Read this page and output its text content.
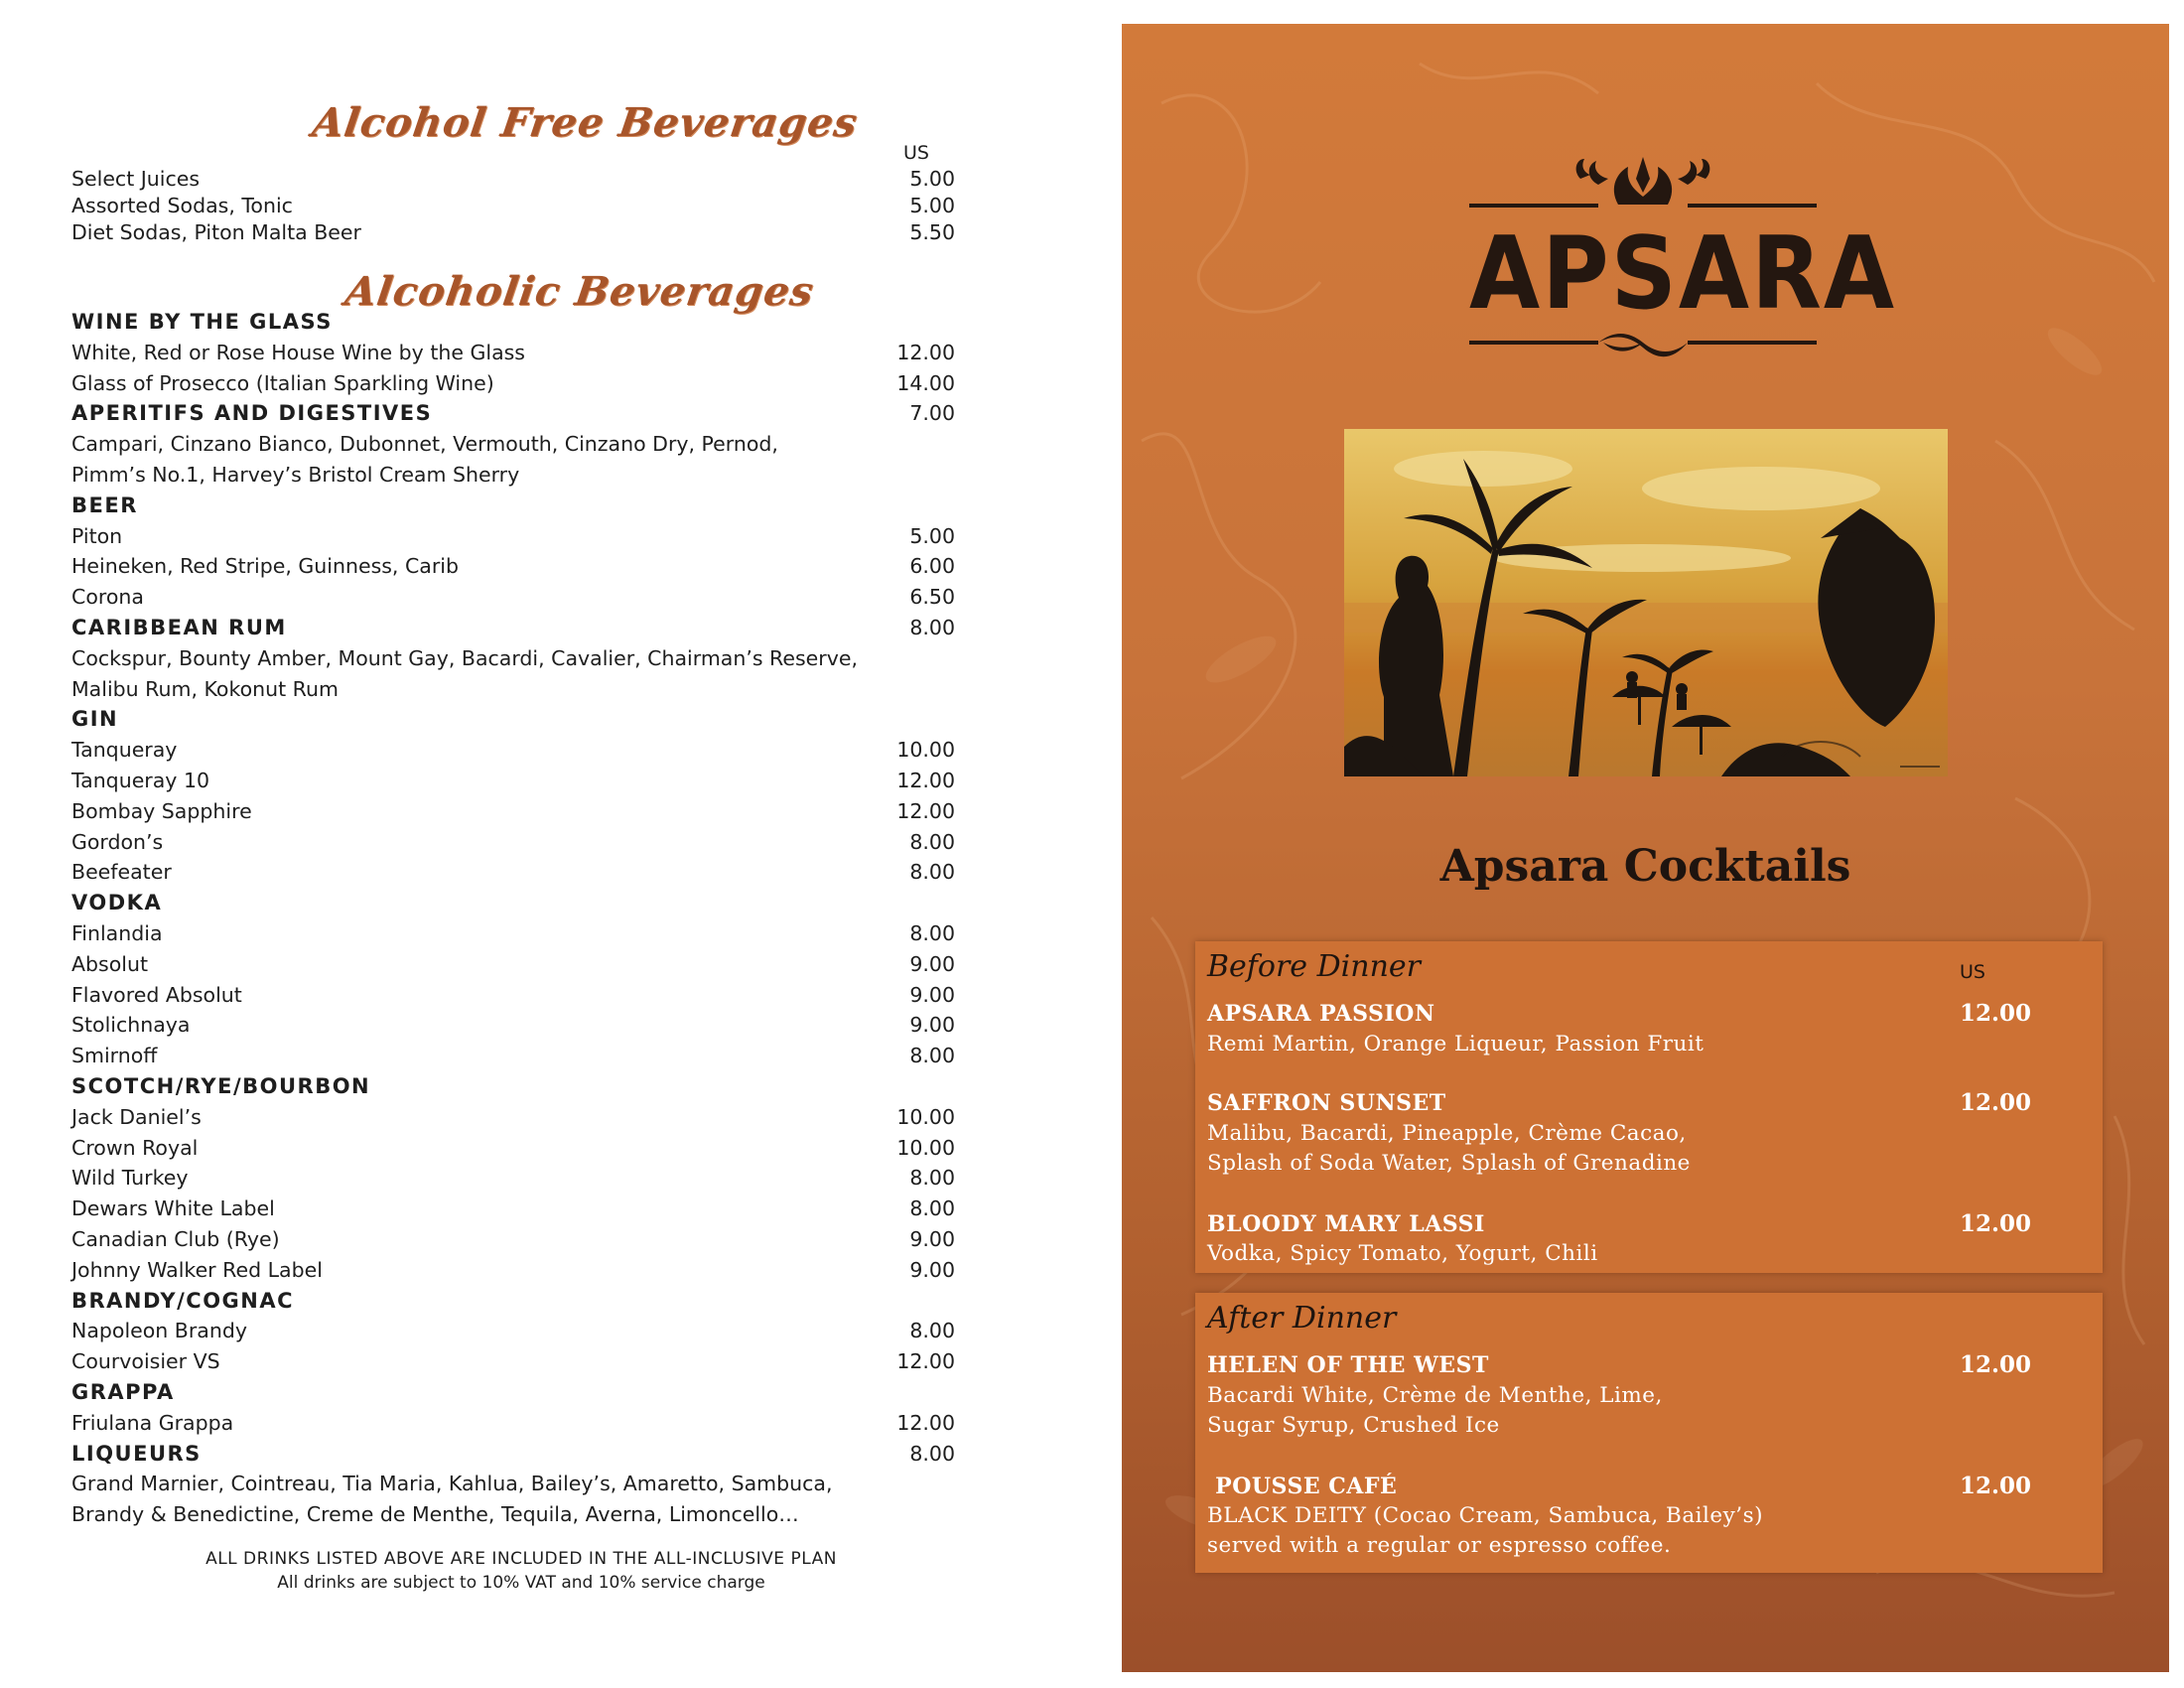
Alcohol Free Beverages
US
Select Juices	5.00
Assorted Sodas, Tonic	5.00
Diet Sodas, Piton Malta Beer	5.50
Alcoholic Beverages
WINE BY THE GLASS
White, Red or Rose House Wine by the Glass	12.00
Glass of Prosecco (Italian Sparkling Wine)	14.00
APERITIFS AND DIGESTIVES	7.00
Campari, Cinzano Bianco, Dubonnet, Vermouth, Cinzano Dry, Pernod,
Pimm’s No.1, Harvey’s Bristol Cream Sherry
BEER
Piton	5.00
Heineken, Red Stripe, Guinness, Carib	6.00
Corona	6.50
CARIBBEAN RUM	8.00
Cockspur, Bounty Amber, Mount Gay, Bacardi, Cavalier, Chairman’s Reserve,
Malibu Rum, Kokonut Rum
GIN
Tanqueray	10.00
Tanqueray 10	12.00
Bombay Sapphire	12.00
Gordon’s	8.00
Beefeater	8.00
VODKA
Finlandia	8.00
Absolut	9.00
Flavored Absolut	9.00
Stolichnaya	9.00
Smirnoff	8.00
SCOTCH/RYE/BOURBON
Jack Daniel’s	10.00
Crown Royal	10.00
Wild Turkey	8.00
Dewars White Label	8.00
Canadian Club (Rye)	9.00
Johnny Walker Red Label	9.00
BRANDY/COGNAC
Napoleon Brandy	8.00
Courvoisier VS	12.00
GRAPPA
Friulana Grappa	12.00
LIQUEURS	8.00
Grand Marnier, Cointreau, Tia Maria, Kahlua, Bailey’s, Amaretto, Sambuca,
Brandy & Benedictine, Creme de Menthe, Tequila, Averna, Limoncello…
ALL DRINKS LISTED ABOVE ARE INCLUDED IN THE ALL-INCLUSIVE PLAN
All drinks are subject to 10% VAT and 10% service charge
APSARA
Apsara Cocktails
Before Dinner	US
APSARA PASSION	12.00
Remi Martin, Orange Liqueur, Passion Fruit
SAFFRON SUNSET	12.00
Malibu, Bacardi, Pineapple, Crème Cacao,
Splash of Soda Water, Splash of Grenadine
BLOODY MARY LASSI	12.00
Vodka, Spicy Tomato, Yogurt, Chili
After Dinner
HELEN OF THE WEST	12.00
Bacardi White, Crème de Menthe, Lime,
Sugar Syrup, Crushed Ice
POUSSE CAFÉ	12.00
BLACK DEITY (Cocao Cream, Sambuca, Bailey’s)
served with a regular or espresso coffee.
